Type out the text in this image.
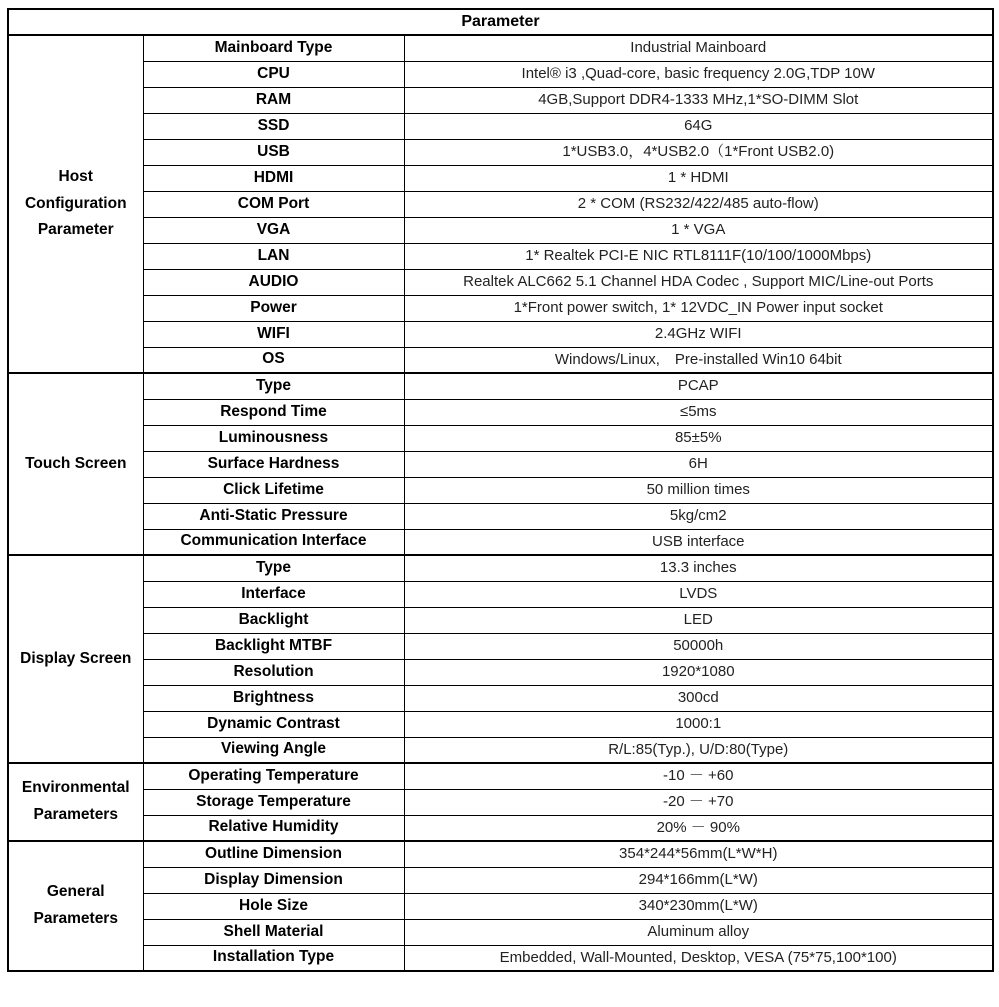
Parameter		
Host Configuration Parameter	Mainboard Type	Industrial Mainboard
	CPU	Intel® i3 ,Quad-core, basic frequency 2.0G,TDP 10W
	RAM	4GB,Support DDR4-1333 MHz,1*SO-DIMM Slot
	SSD	64G
	USB	1*USB3.0，4*USB2.0（1*Front USB2.0)
	HDMI	1 * HDMI
	COM Port	2 * COM (RS232/422/485 auto-flow)
	VGA	1 * VGA
	LAN	1* Realtek PCI-E NIC RTL8111F(10/100/1000Mbps)
	AUDIO	Realtek ALC662 5.1 Channel HDA Codec , Support MIC/Line-out Ports
	Power	1*Front power switch, 1* 12VDC_IN Power input socket
	WIFI	2.4GHz WIFI
	OS	Windows/Linux,　Pre-installed Win10 64bit
Touch Screen	Type	PCAP
	Respond Time	≤5ms
	Luminousness	85±5%
	Surface Hardness	6H
	Click Lifetime	50 million times
	Anti-Static Pressure	5kg/cm2
	Communication Interface	USB interface
Display Screen	Type	13.3 inches
	Interface	LVDS
	Backlight	LED
	Backlight MTBF	50000h
	Resolution	1920*1080
	Brightness	300cd
	Dynamic Contrast	1000:1
	Viewing Angle	R/L:85(Typ.), U/D:80(Type)
Environmental Parameters	Operating Temperature	-10 － +60
	Storage Temperature	-20 － +70
	Relative Humidity	20% － 90%
General Parameters	Outline Dimension	354*244*56mm(L*W*H)
	Display Dimension	294*166mm(L*W)
	Hole Size	340*230mm(L*W)
	Shell Material	Aluminum alloy
	Installation Type	Embedded, Wall-Mounted, Desktop, VESA (75*75,100*100)
